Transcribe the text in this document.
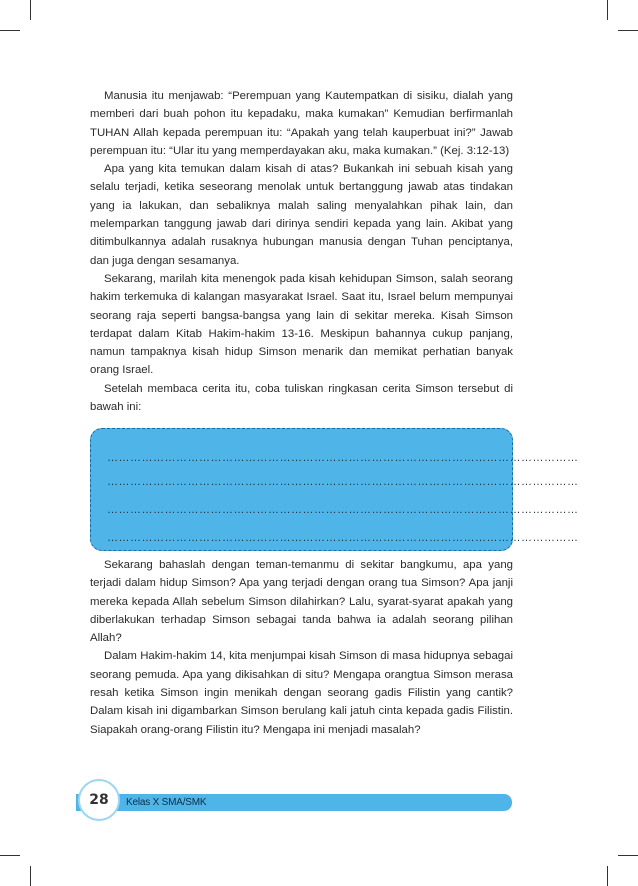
Manusia itu menjawab: “Perempuan yang Kautempatkan di sisiku, dialah yang memberi dari buah pohon itu kepadaku, maka kumakan” Kemudian berfirmanlah TUHAN Allah kepada perempuan itu: “Apakah yang telah kauperbuat ini?” Jawab perempuan itu: “Ular itu yang memperdayakan aku, maka kumakan.” (Kej. 3:12-13)

Apa yang kita temukan dalam kisah di atas? Bukankah ini sebuah kisah yang selalu terjadi, ketika seseorang menolak untuk bertanggung jawab atas tindakan yang ia lakukan, dan sebaliknya malah saling menyalahkan pihak lain, dan melemparkan tanggung jawab dari dirinya sendiri kepada yang lain. Akibat yang ditimbulkannya adalah rusaknya hubungan manusia dengan Tuhan penciptanya, dan juga dengan sesamanya.

Sekarang, marilah kita menengok pada kisah kehidupan Simson, salah seorang hakim terkemuka di kalangan masyarakat Israel. Saat itu, Israel belum mempunyai seorang raja seperti bangsa-bangsa yang lain di sekitar mereka. Kisah Simson terdapat dalam Kitab Hakim-hakim 13-16. Meskipun bahannya cukup panjang, namun tampaknya kisah hidup Simson menarik dan memikat perhatian banyak orang Israel.

Setelah membaca cerita itu, coba tuliskan ringkasan cerita Simson tersebut di bawah ini:

……………………………………………………………………………………………………………
……………………………………………………………………………………………………………
……………………………………………………………………………………………………………
……………………………………………………………………………………………………………

Sekarang bahaslah dengan teman-temanmu di sekitar bangkumu, apa yang terjadi dalam hidup Simson? Apa yang terjadi dengan orang tua Simson? Apa janji mereka kepada Allah sebelum Simson dilahirkan? Lalu, syarat-syarat apakah yang diberlakukan terhadap Simson sebagai tanda bahwa ia adalah seorang pilihan Allah?

Dalam Hakim-hakim 14, kita menjumpai kisah Simson di masa hidupnya sebagai seorang pemuda. Apa yang dikisahkan di situ? Mengapa orangtua Simson merasa resah ketika Simson ingin menikah dengan seorang gadis Filistin yang cantik? Dalam kisah ini digambarkan Simson berulang kali jatuh cinta kepada gadis Filistin. Siapakah orang-orang Filistin itu? Mengapa ini menjadi masalah?

28 Kelas X SMA/SMK
